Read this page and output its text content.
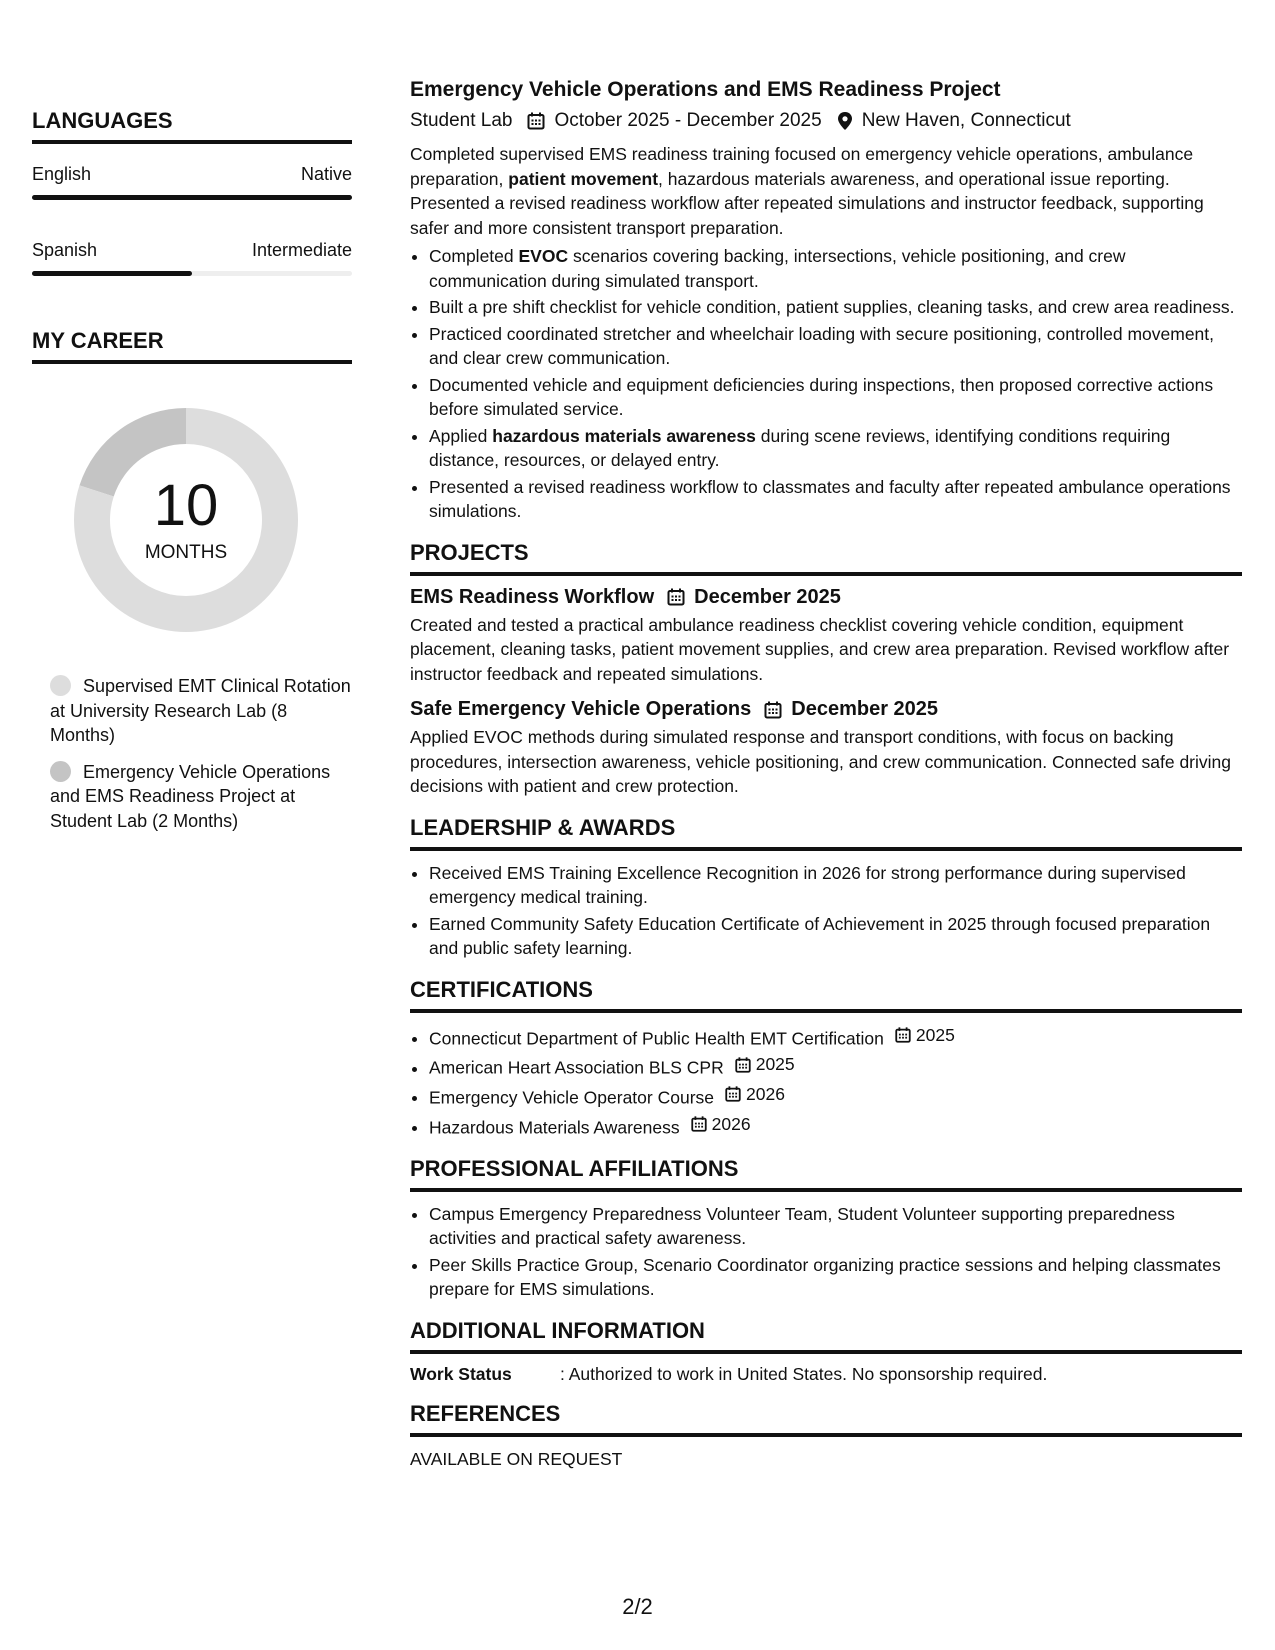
LANGUAGES
English	Native
Spanish	Intermediate
MY CAREER
10
MONTHS
Supervised EMT Clinical Rotation at University Research Lab (8 Months)
Emergency Vehicle Operations and EMS Readiness Project at Student Lab (2 Months)
Emergency Vehicle Operations and EMS Readiness Project
Student Lab October 2025 - December 2025 New Haven, Connecticut
Completed supervised EMS readiness training focused on emergency vehicle operations, ambulance preparation, patient movement, hazardous materials awareness, and operational issue reporting. Presented a revised readiness workflow after repeated simulations and instructor feedback, supporting safer and more consistent transport preparation.
• Completed EVOC scenarios covering backing, intersections, vehicle positioning, and crew communication during simulated transport.
• Built a pre shift checklist for vehicle condition, patient supplies, cleaning tasks, and crew area readiness.
• Practiced coordinated stretcher and wheelchair loading with secure positioning, controlled movement, and clear crew communication.
• Documented vehicle and equipment deficiencies during inspections, then proposed corrective actions before simulated service.
• Applied hazardous materials awareness during scene reviews, identifying conditions requiring distance, resources, or delayed entry.
• Presented a revised readiness workflow to classmates and faculty after repeated ambulance operations simulations.
PROJECTS
EMS Readiness Workflow December 2025
Created and tested a practical ambulance readiness checklist covering vehicle condition, equipment placement, cleaning tasks, patient movement supplies, and crew area preparation. Revised workflow after instructor feedback and repeated simulations.
Safe Emergency Vehicle Operations December 2025
Applied EVOC methods during simulated response and transport conditions, with focus on backing procedures, intersection awareness, vehicle positioning, and crew communication. Connected safe driving decisions with patient and crew protection.
LEADERSHIP & AWARDS
• Received EMS Training Excellence Recognition in 2026 for strong performance during supervised emergency medical training.
• Earned Community Safety Education Certificate of Achievement in 2025 through focused preparation and public safety learning.
CERTIFICATIONS
• Connecticut Department of Public Health EMT Certification 2025
• American Heart Association BLS CPR 2025
• Emergency Vehicle Operator Course 2026
• Hazardous Materials Awareness 2026
PROFESSIONAL AFFILIATIONS
• Campus Emergency Preparedness Volunteer Team, Student Volunteer supporting preparedness activities and practical safety awareness.
• Peer Skills Practice Group, Scenario Coordinator organizing practice sessions and helping classmates prepare for EMS simulations.
ADDITIONAL INFORMATION
Work Status	: Authorized to work in United States. No sponsorship required.
REFERENCES
AVAILABLE ON REQUEST
2/2
